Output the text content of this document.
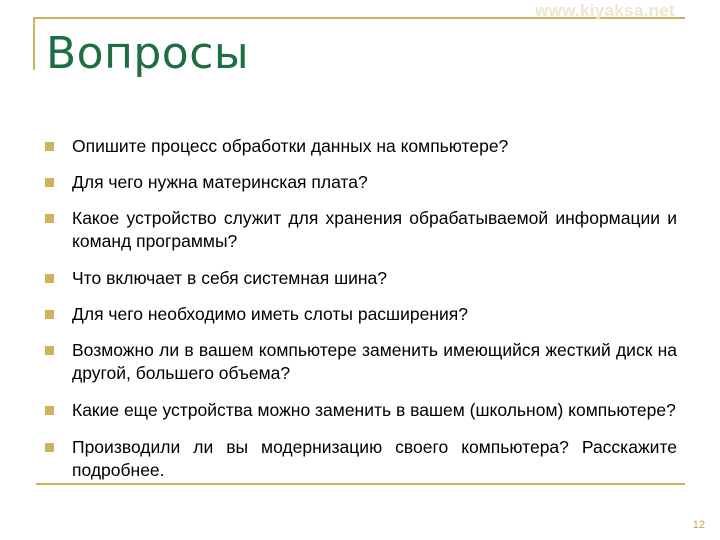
www.kiyaksa.net
Вопросы
Опишите процесс обработки данных на компьютере?
Для чего нужна материнская плата?
Какое устройство служит для хранения обрабатываемой информации и команд программы?
Что включает в себя системная шина?
Для чего необходимо иметь слоты расширения?
Возможно ли в вашем компьютере заменить имеющийся жесткий диск на другой, большего объема?
Какие еще устройства можно заменить в вашем (школьном) компьютере?
Производили ли вы модернизацию своего компьютера? Расскажите подробнее.
12
